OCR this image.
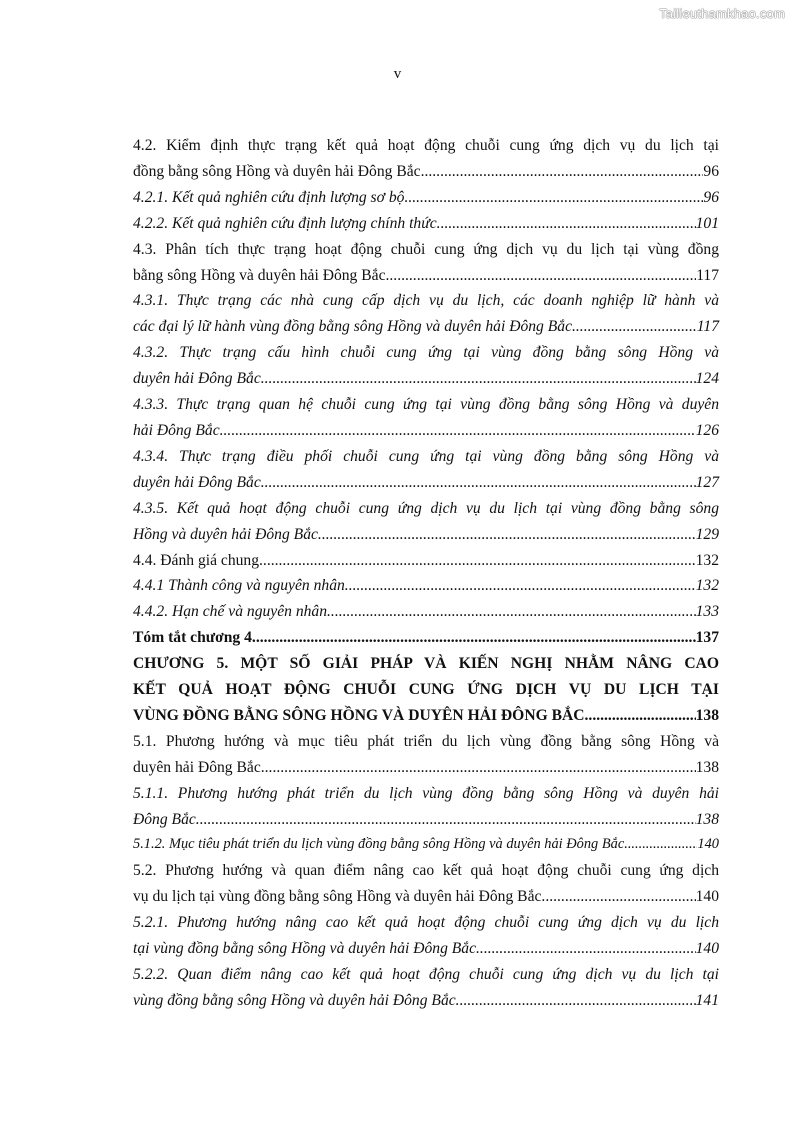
Tailieuthamkhao.com
v
4.2. Kiểm định thực trạng kết quả hoạt động chuỗi cung ứng dịch vụ du lịch tại
đồng bằng sông Hồng và duyên hải Đông Bắc .....	96
4.2.1. Kết quả nghiên cứu định lượng sơ bộ .....	96
4.2.2. Kết quả nghiên cứu định lượng chính thức .....	101
4.3. Phân tích thực trạng hoạt động chuỗi cung ứng dịch vụ du lịch tại vùng đồng
bằng sông Hồng và duyên hải Đông Bắc .....	117
4.3.1. Thực trạng các nhà cung cấp dịch vụ du lịch, các doanh nghiệp lữ hành và
các đại lý lữ hành vùng đồng bằng sông Hồng và duyên hải Đông Bắc .....	117
4.3.2. Thực trạng cấu hình chuỗi cung ứng tại vùng đồng bằng sông Hồng và
duyên hải Đông Bắc .....	124
4.3.3. Thực trạng quan hệ chuỗi cung ứng tại vùng đồng bằng sông Hồng và duyên
hải Đông Bắc .....	126
4.3.4. Thực trạng điều phối chuỗi cung ứng tại vùng đồng bằng sông Hồng và
duyên hải Đông Bắc .....	127
4.3.5. Kết quả hoạt động chuỗi cung ứng dịch vụ du lịch tại vùng đồng bằng sông
Hồng và duyên hải Đông Bắc .....	129
4.4. Đánh giá chung .....	132
4.4.1 Thành công và nguyên nhân .....	132
4.4.2. Hạn chế và nguyên nhân .....	133
Tóm tắt chương 4 .....	137
CHƯƠNG 5. MỘT SỐ GIẢI PHÁP VÀ KIẾN NGHỊ NHẰM NÂNG CAO
KẾT QUẢ HOẠT ĐỘNG CHUỖI CUNG ỨNG DỊCH VỤ DU LỊCH TẠI
VÙNG ĐỒNG BẰNG SÔNG HỒNG VÀ DUYÊN HẢI ĐÔNG BẮC .....	138
5.1. Phương hướng và mục tiêu phát triển du lịch vùng đồng bằng sông Hồng và
duyên hải Đông Bắc .....	138
5.1.1. Phương hướng phát triển du lịch vùng đồng bằng sông Hồng và duyên hải
Đông Bắc .....	138
5.1.2. Mục tiêu phát triển du lịch vùng đồng bằng sông Hồng và duyên hải Đông Bắc .....	140
5.2. Phương hướng và quan điểm nâng cao kết quả hoạt động chuỗi cung ứng dịch
vụ du lịch tại vùng đồng bằng sông Hồng và duyên hải Đông Bắc .....	140
5.2.1. Phương hướng nâng cao kết quả hoạt động chuỗi cung ứng dịch vụ du lịch
tại vùng đồng bằng sông Hồng và duyên hải Đông Bắc .....	140
5.2.2. Quan điểm nâng cao kết quả hoạt động chuỗi cung ứng dịch vụ du lịch tại
vùng đồng bằng sông Hồng và duyên hải Đông Bắc .....	141
